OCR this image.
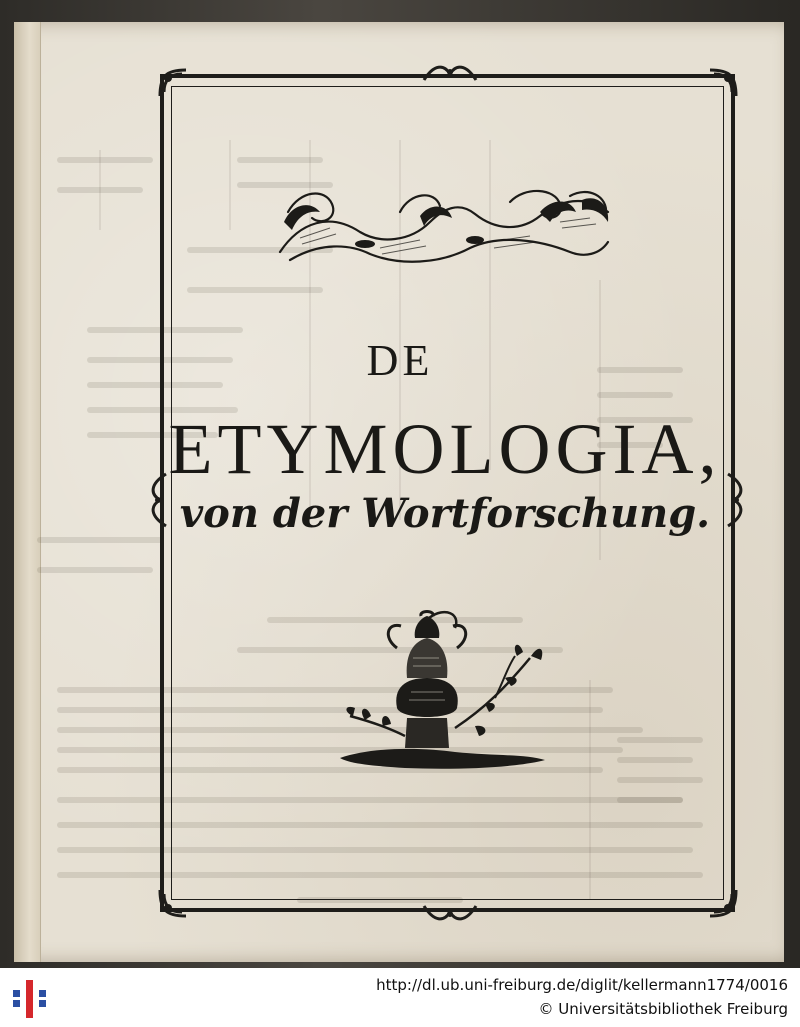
DE
ETYMOLOGIA,
von der Wortforschung.
http://dl.ub.uni-freiburg.de/diglit/kellermann1774/0016
© Universitätsbibliothek Freiburg
